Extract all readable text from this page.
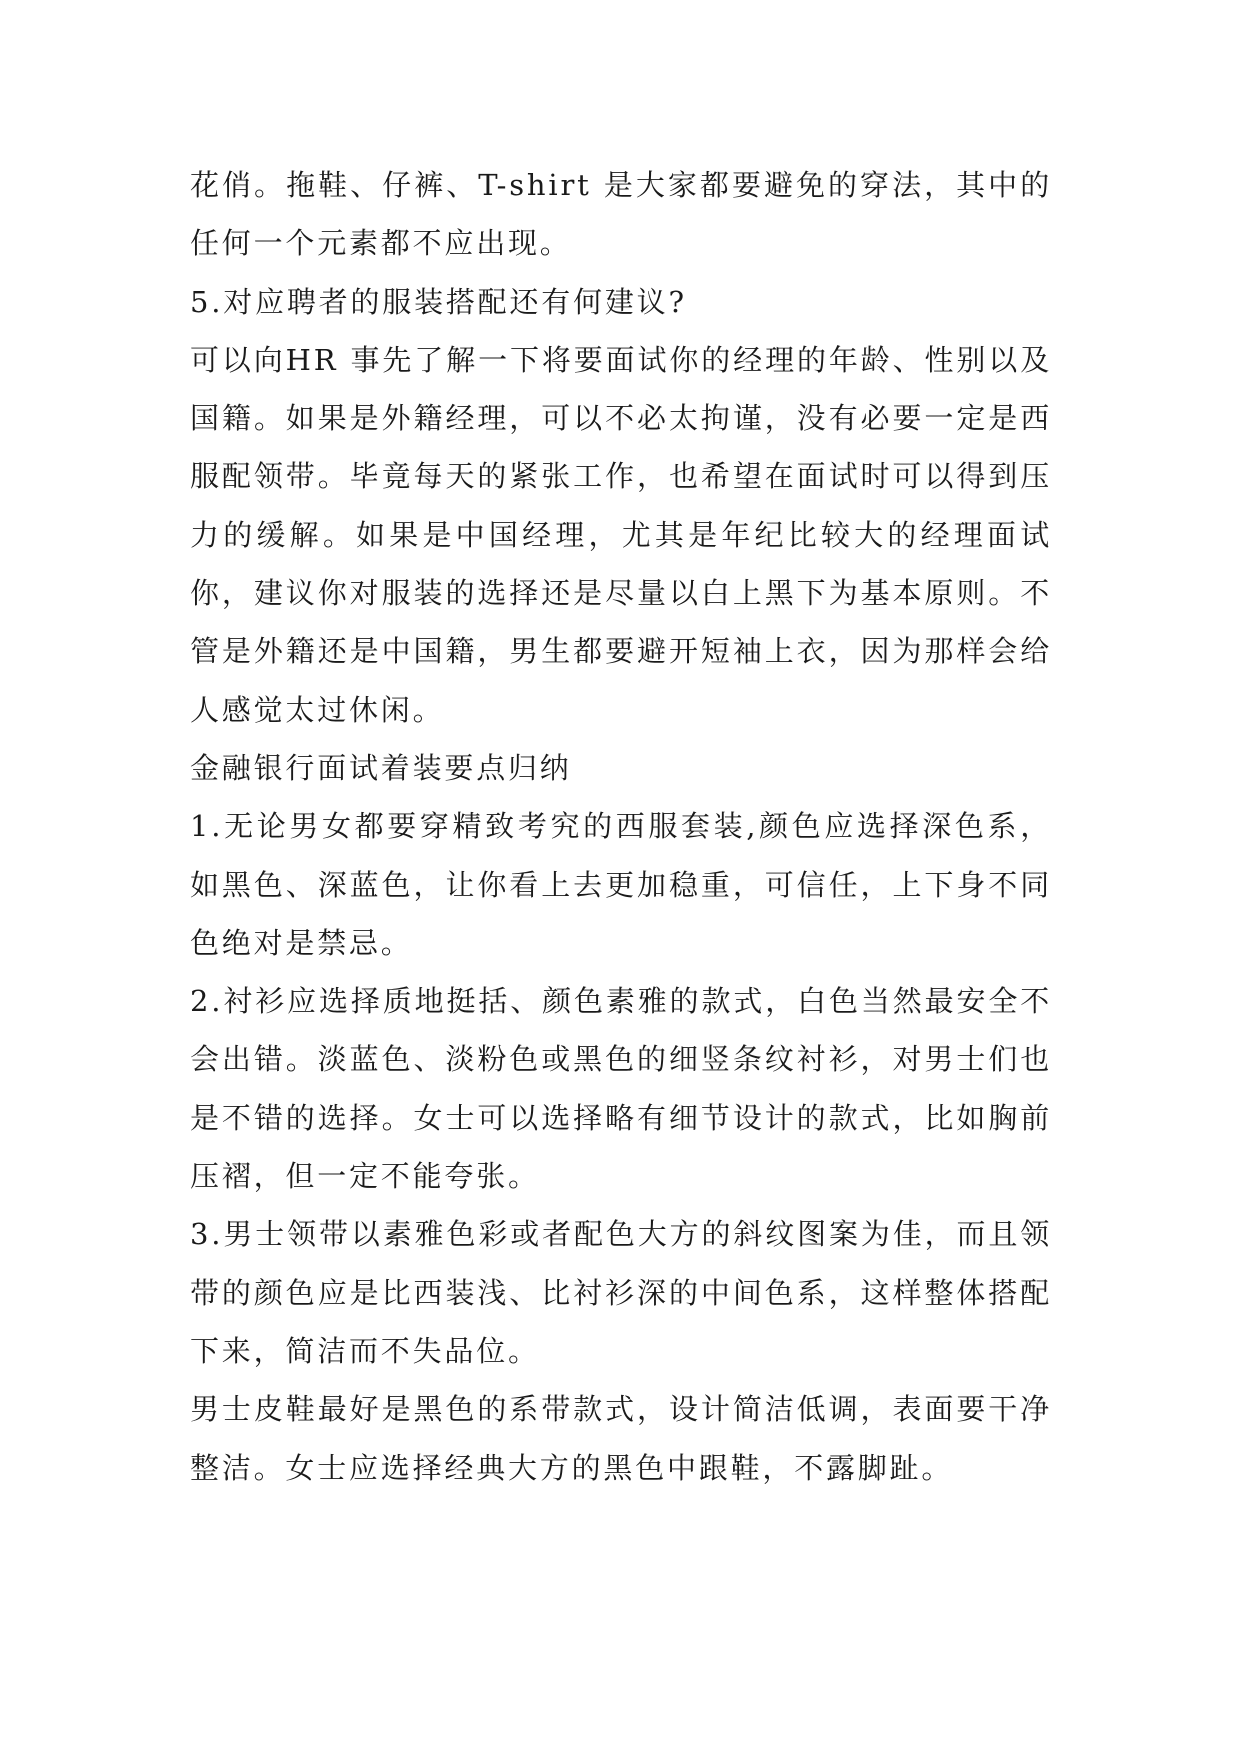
花俏。拖鞋、仔裤、T-shirt 是大家都要避免的穿法，其中的任何一个元素都不应出现。

5.对应聘者的服装搭配还有何建议?

可以向HR 事先了解一下将要面试你的经理的年龄、性别以及国籍。如果是外籍经理，可以不必太拘谨，没有必要一定是西服配领带。毕竟每天的紧张工作，也希望在面试时可以得到压力的缓解。如果是中国经理，尤其是年纪比较大的经理面试你，建议你对服装的选择还是尽量以白上黑下为基本原则。不管是外籍还是中国籍，男生都要避开短袖上衣，因为那样会给人感觉太过休闲。

金融银行面试着装要点归纳

1.无论男女都要穿精致考究的西服套装,颜色应选择深色系，如黑色、深蓝色，让你看上去更加稳重，可信任，上下身不同色绝对是禁忌。

2.衬衫应选择质地挺括、颜色素雅的款式，白色当然最安全不会出错。淡蓝色、淡粉色或黑色的细竖条纹衬衫，对男士们也是不错的选择。女士可以选择略有细节设计的款式，比如胸前压褶，但一定不能夸张。

3.男士领带以素雅色彩或者配色大方的斜纹图案为佳，而且领带的颜色应是比西装浅、比衬衫深的中间色系，这样整体搭配下来，简洁而不失品位。

男士皮鞋最好是黑色的系带款式，设计简洁低调，表面要干净整洁。女士应选择经典大方的黑色中跟鞋，不露脚趾。
